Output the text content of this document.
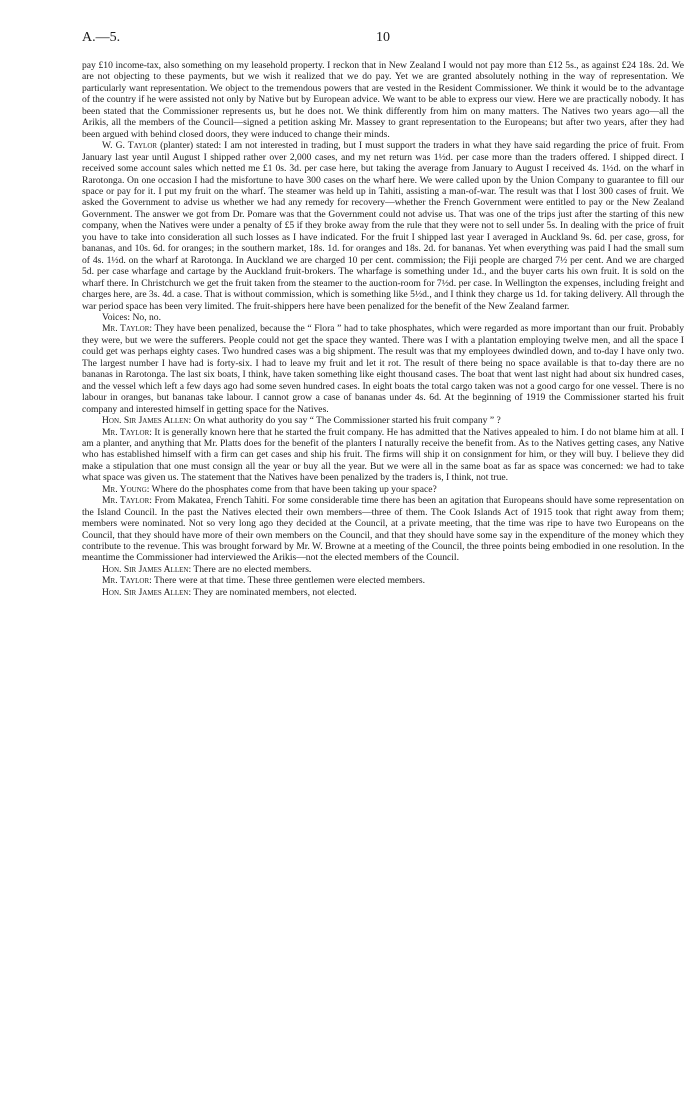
A.—5.	10

pay £10 income-tax, also something on my leasehold property. I reckon that in New Zealand I would not pay more than £12 5s., as against £24 18s. 2d. We are not objecting to these payments, but we wish it realized that we do pay. Yet we are granted absolutely nothing in the way of representation. We particularly want representation. We object to the tremendous powers that are vested in the Resident Commissioner. We think it would be to the advantage of the country if he were assisted not only by Native but by European advice. We want to be able to express our view. Here we are practically nobody. It has been stated that the Commissioner represents us, but he does not. We think differently from him on many matters. The Natives two years ago—all the Arikis, all the members of the Council—signed a petition asking Mr. Massey to grant representation to the Europeans; but after two years, after they had been argued with behind closed doors, they were induced to change their minds.

W. G. Taylor (planter) stated: I am not interested in trading, but I must support the traders in what they have said regarding the price of fruit. From January last year until August I shipped rather over 2,000 cases, and my net return was 1½d. per case more than the traders offered. I shipped direct. I received some account sales which netted me £1 0s. 3d. per case here, but taking the average from January to August I received 4s. 1½d. on the wharf in Rarotonga. On one occasion I had the misfortune to have 300 cases on the wharf here. We were called upon by the Union Company to guarantee to fill our space or pay for it. I put my fruit on the wharf. The steamer was held up in Tahiti, assisting a man-of-war. The result was that I lost 300 cases of fruit. We asked the Government to advise us whether we had any remedy for recovery—whether the French Government were entitled to pay or the New Zealand Government. The answer we got from Dr. Pomare was that the Government could not advise us. That was one of the trips just after the starting of this new company, when the Natives were under a penalty of £5 if they broke away from the rule that they were not to sell under 5s. In dealing with the price of fruit you have to take into consideration all such losses as I have indicated. For the fruit I shipped last year I averaged in Auckland 9s. 6d. per case, gross, for bananas, and 10s. 6d. for oranges; in the southern market, 18s. 1d. for oranges and 18s. 2d. for bananas. Yet when everything was paid I had the small sum of 4s. 1½d. on the wharf at Rarotonga. In Auckland we are charged 10 per cent. commission; the Fiji people are charged 7½ per cent. And we are charged 5d. per case wharfage and cartage by the Auckland fruit-brokers. The wharfage is something under 1d., and the buyer carts his own fruit. It is sold on the wharf there. In Christchurch we get the fruit taken from the steamer to the auction-room for 7½d. per case. In Wellington the expenses, including freight and charges here, are 3s. 4d. a case. That is without commission, which is something like 5½d., and I think they charge us 1d. for taking delivery. All through the war period space has been very limited. The fruit-shippers here have been penalized for the benefit of the New Zealand farmer.

Voices: No, no.

Mr. Taylor: They have been penalized, because the “ Flora ” had to take phosphates, which were regarded as more important than our fruit. Probably they were, but we were the sufferers. People could not get the space they wanted. There was I with a plantation employing twelve men, and all the space I could get was perhaps eighty cases. Two hundred cases was a big shipment. The result was that my employees dwindled down, and to-day I have only two. The largest number I have had is forty-six. I had to leave my fruit and let it rot. The result of there being no space available is that to-day there are no bananas in Rarotonga. The last six boats, I think, have taken something like eight thousand cases. The boat that went last night had about six hundred cases, and the vessel which left a few days ago had some seven hundred cases. In eight boats the total cargo taken was not a good cargo for one vessel. There is no labour in oranges, but bananas take labour. I cannot grow a case of bananas under 4s. 6d. At the beginning of 1919 the Commissioner started his fruit company and interested himself in getting space for the Natives.

Hon. Sir James Allen: On what authority do you say “ The Commissioner started his fruit company ” ?

Mr. Taylor: It is generally known here that he started the fruit company. He has admitted that the Natives appealed to him. I do not blame him at all. I am a planter, and anything that Mr. Platts does for the benefit of the planters I naturally receive the benefit from. As to the Natives getting cases, any Native who has established himself with a firm can get cases and ship his fruit. The firms will ship it on consignment for him, or they will buy. I believe they did make a stipulation that one must consign all the year or buy all the year. But we were all in the same boat as far as space was concerned: we had to take what space was given us. The statement that the Natives have been penalized by the traders is, I think, not true.

Mr. Young: Where do the phosphates come from that have been taking up your space?

Mr. Taylor: From Makatea, French Tahiti. For some considerable time there has been an agitation that Europeans should have some representation on the Island Council. In the past the Natives elected their own members—three of them. The Cook Islands Act of 1915 took that right away from them; members were nominated. Not so very long ago they decided at the Council, at a private meeting, that the time was ripe to have two Europeans on the Council, that they should have more of their own members on the Council, and that they should have some say in the expenditure of the money which they contribute to the revenue. This was brought forward by Mr. W. Browne at a meeting of the Council, the three points being embodied in one resolution. In the meantime the Commissioner had interviewed the Arikis—not the elected members of the Council.

Hon. Sir James Allen: There are no elected members.

Mr. Taylor: There were at that time. These three gentlemen were elected members.

Hon. Sir James Allen: They are nominated members, not elected.
